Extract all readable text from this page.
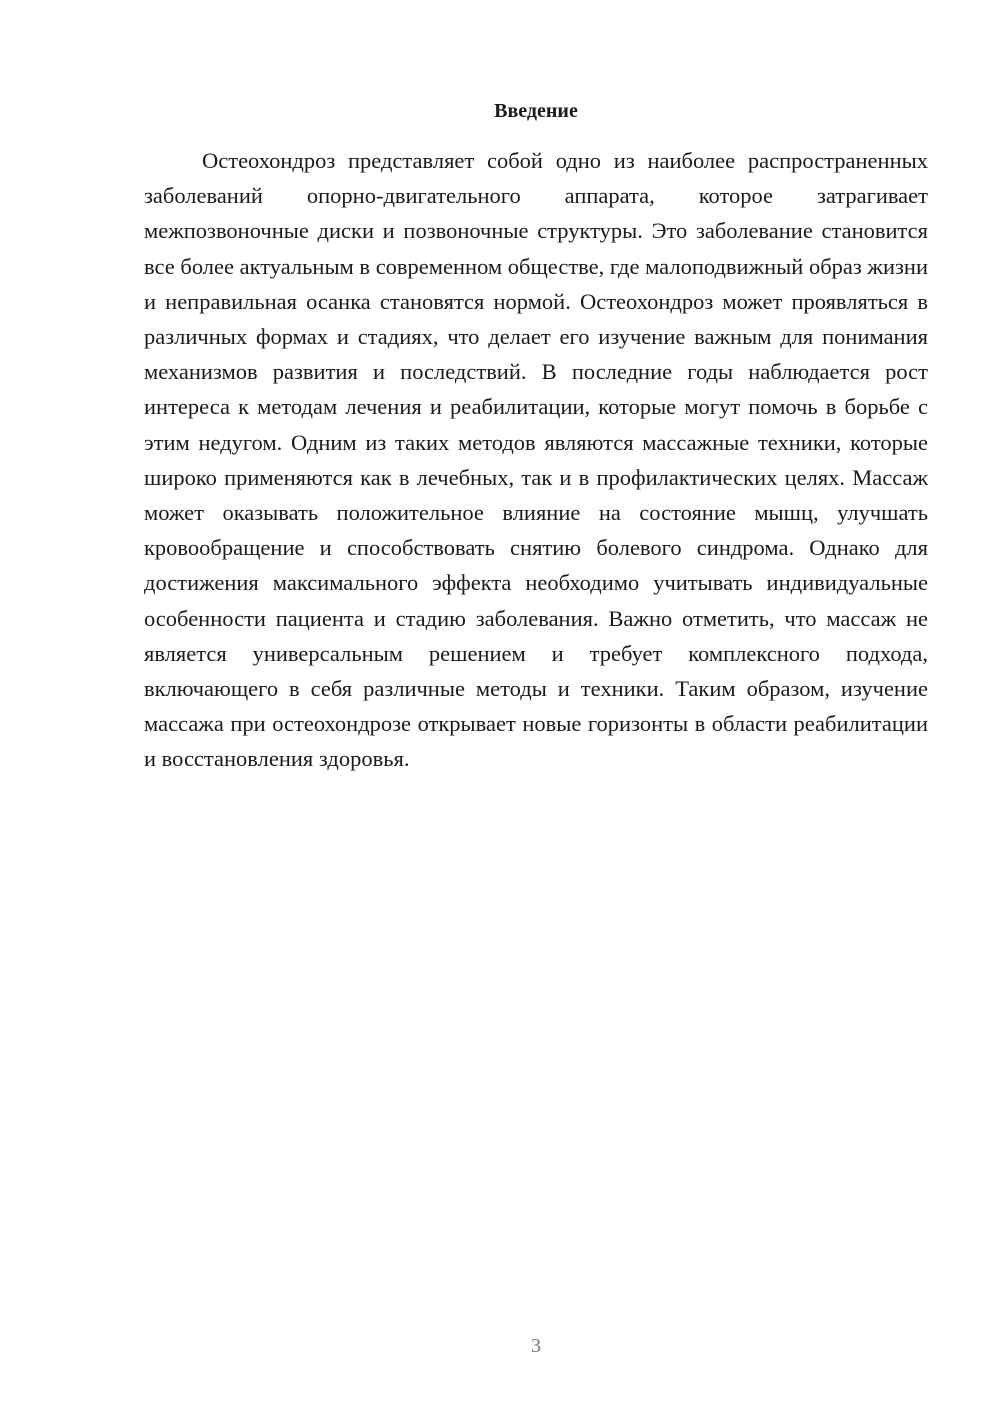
Введение

Остеохондроз представляет собой одно из наиболее распространенных заболеваний опорно-двигательного аппарата, которое затрагивает межпозвоночные диски и позвоночные структуры. Это заболевание становится все более актуальным в современном обществе, где малоподвижный образ жизни и неправильная осанка становятся нормой. Остеохондроз может проявляться в различных формах и стадиях, что делает его изучение важным для понимания механизмов развития и последствий. В последние годы наблюдается рост интереса к методам лечения и реабилитации, которые могут помочь в борьбе с этим недугом. Одним из таких методов являются массажные техники, которые широко применяются как в лечебных, так и в профилактических целях. Массаж может оказывать положительное влияние на состояние мышц, улучшать кровообращение и способствовать снятию болевого синдрома. Однако для достижения максимального эффекта необходимо учитывать индивидуальные особенности пациента и стадию заболевания. Важно отметить, что массаж не является универсальным решением и требует комплексного подхода, включающего в себя различные методы и техники. Таким образом, изучение массажа при остеохондрозе открывает новые горизонты в области реабилитации и восстановления здоровья.

3
